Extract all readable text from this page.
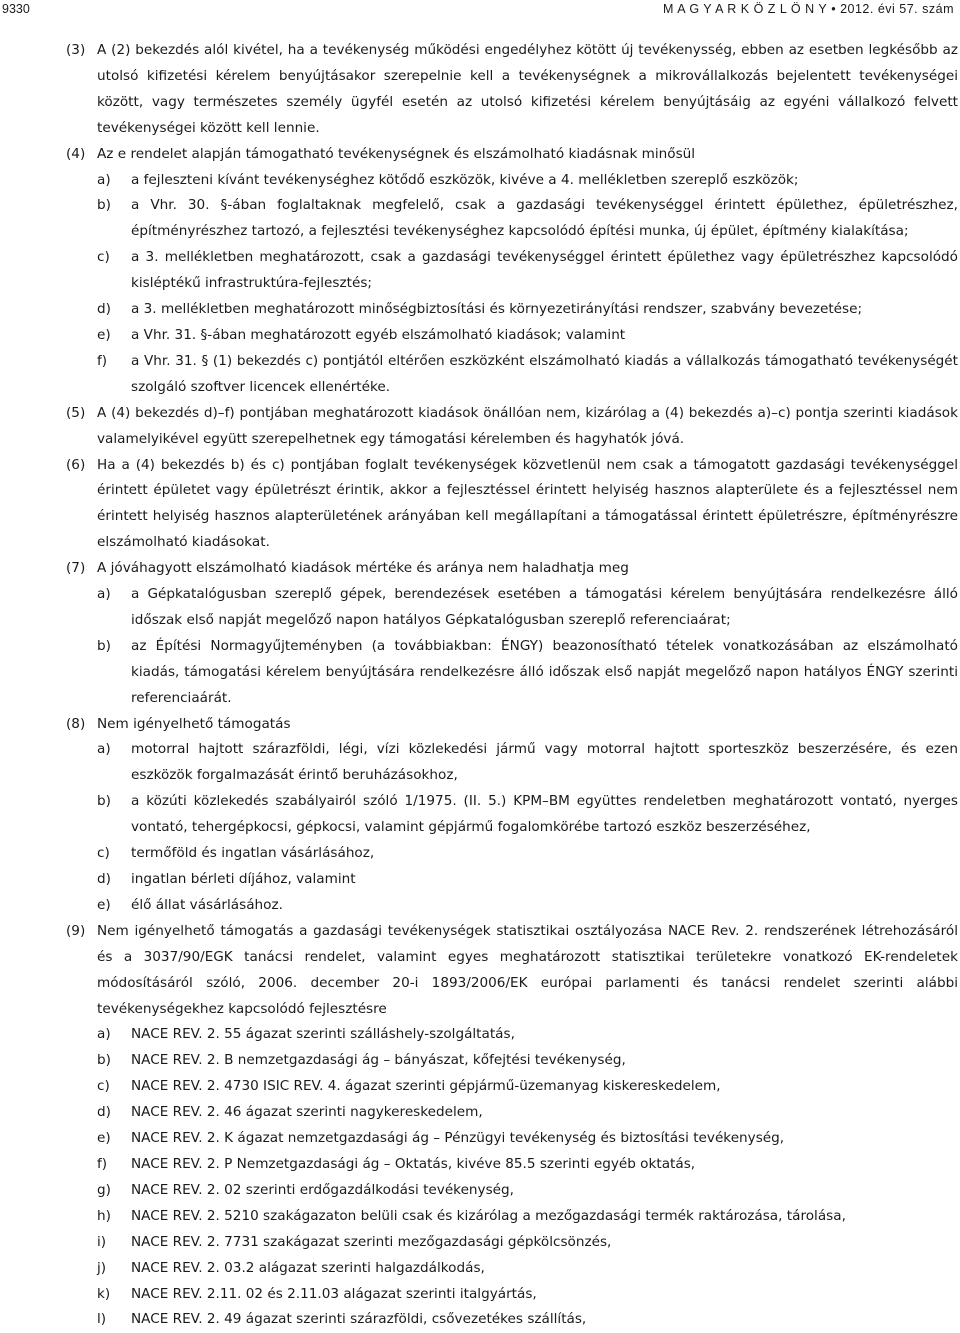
9330	M A G Y A R K Ö Z L Ö N Y • 2012. évi 57. szám
(3) A (2) bekezdés alól kivétel, ha a tevékenység működési engedélyhez kötött új tevékenysség, ebben az esetben legkésőbb az utolsó kifizetési kérelem benyújtásakor szerepelnie kell a tevékenységnek a mikrovállalkozás bejelentett tevékenységei között, vagy természetes személy ügyfél esetén az utolsó kifizetési kérelem benyújtásáig az egyéni vállalkozó felvett tevékenységei között kell lennie.
(4) Az e rendelet alapján támogatható tevékenységnek és elszámolható kiadásnak minősül
a) a fejleszteni kívánt tevékenységhez kötődő eszközök, kivéve a 4. mellékletben szereplő eszközök;
b) a Vhr. 30. §-ában foglaltaknak megfelelő, csak a gazdasági tevékenységgel érintett épülethez, épületrészhez, építményrészhez tartozó, a fejlesztési tevékenységhez kapcsolódó építési munka, új épület, építmény kialakítása;
c) a 3. mellékletben meghatározott, csak a gazdasági tevékenységgel érintett épülethez vagy épületrészhez kapcsolódó kisléptékű infrastruktúra-fejlesztés;
d) a 3. mellékletben meghatározott minőségbiztosítási és környezetirányítási rendszer, szabvány bevezetése;
e) a Vhr. 31. §-ában meghatározott egyéb elszámolható kiadások; valamint
f) a Vhr. 31. § (1) bekezdés c) pontjától eltérően eszközként elszámolható kiadás a vállalkozás támogatható tevékenységét szolgáló szoftver licencek ellenértéke.
(5) A (4) bekezdés d)–f) pontjában meghatározott kiadások önállóan nem, kizárólag a (4) bekezdés a)–c) pontja szerinti kiadások valamelyikével együtt szerepelhetnek egy támogatási kérelemben és hagyhatók jóvá.
(6) Ha a (4) bekezdés b) és c) pontjában foglalt tevékenységek közvetlenül nem csak a támogatott gazdasági tevékenységgel érintett épületet vagy épületrészt érintik, akkor a fejlesztéssel érintett helyiség hasznos alapterülete és a fejlesztéssel nem érintett helyiség hasznos alapterületének arányában kell megállapítani a támogatással érintett épületrészre, építményrészre elszámolható kiadásokat.
(7) A jóváhagyott elszámolható kiadások mértéke és aránya nem haladhatja meg
a) a Gépkatalógusban szereplő gépek, berendezések esetében a támogatási kérelem benyújtására rendelkezésre álló időszak első napját megelőző napon hatályos Gépkatalógusban szereplő referenciaárat;
b) az Építési Normagyűjteményben (a továbbiakban: ÉNGY) beazonosítható tételek vonatkozásában az elszámolható kiadás, támogatási kérelem benyújtására rendelkezésre álló időszak első napját megelőző napon hatályos ÉNGY szerinti referenciaárát.
(8) Nem igényelhető támogatás
a) motorral hajtott szárazföldi, légi, vízi közlekedési jármű vagy motorral hajtott sporteszköz beszerzésére, és ezen eszközök forgalmazását érintő beruházásokhoz,
b) a közúti közlekedés szabályairól szóló 1/1975. (II. 5.) KPM–BM együttes rendeletben meghatározott vontató, nyerges vontató, tehergépkocsi, gépkocsi, valamint gépjármű fogalomkörébe tartozó eszköz beszerzéséhez,
c) termőföld és ingatlan vásárlásához,
d) ingatlan bérleti díjához, valamint
e) élő állat vásárlásához.
(9) Nem igényelhető támogatás a gazdasági tevékenységek statisztikai osztályozása NACE Rev. 2. rendszerének létrehozásáról és a 3037/90/EGK tanácsi rendelet, valamint egyes meghatározott statisztikai területekre vonatkozó EK-rendeletek módosításáról szóló, 2006. december 20-i 1893/2006/EK európai parlamenti és tanácsi rendelet szerinti alábbi tevékenységekhez kapcsolódó fejlesztésre
a) NACE REV. 2. 55 ágazat szerinti szálláshely-szolgáltatás,
b) NACE REV. 2. B nemzetgazdasági ág – bányászat, kőfejtési tevékenység,
c) NACE REV. 2. 4730 ISIC REV. 4. ágazat szerinti gépjármű-üzemanyag kiskereskedelem,
d) NACE REV. 2. 46 ágazat szerinti nagykereskedelem,
e) NACE REV. 2. K ágazat nemzetgazdasági ág – Pénzügyi tevékenység és biztosítási tevékenység,
f) NACE REV. 2. P Nemzetgazdasági ág – Oktatás, kivéve 85.5 szerinti egyéb oktatás,
g) NACE REV. 2. 02 szerinti erdőgazdálkodási tevékenység,
h) NACE REV. 2. 5210 szakágazaton belüli csak és kizárólag a mezőgazdasági termék raktározása, tárolása,
i) NACE REV. 2. 7731 szakágazat szerinti mezőgazdasági gépkölcsönzés,
j) NACE REV. 2. 03.2 alágazat szerinti halgazdálkodás,
k) NACE REV. 2.11. 02 és 2.11.03 alágazat szerinti italgyártás,
l) NACE REV. 2. 49 ágazat szerinti szárazföldi, csővezetékes szállítás,
